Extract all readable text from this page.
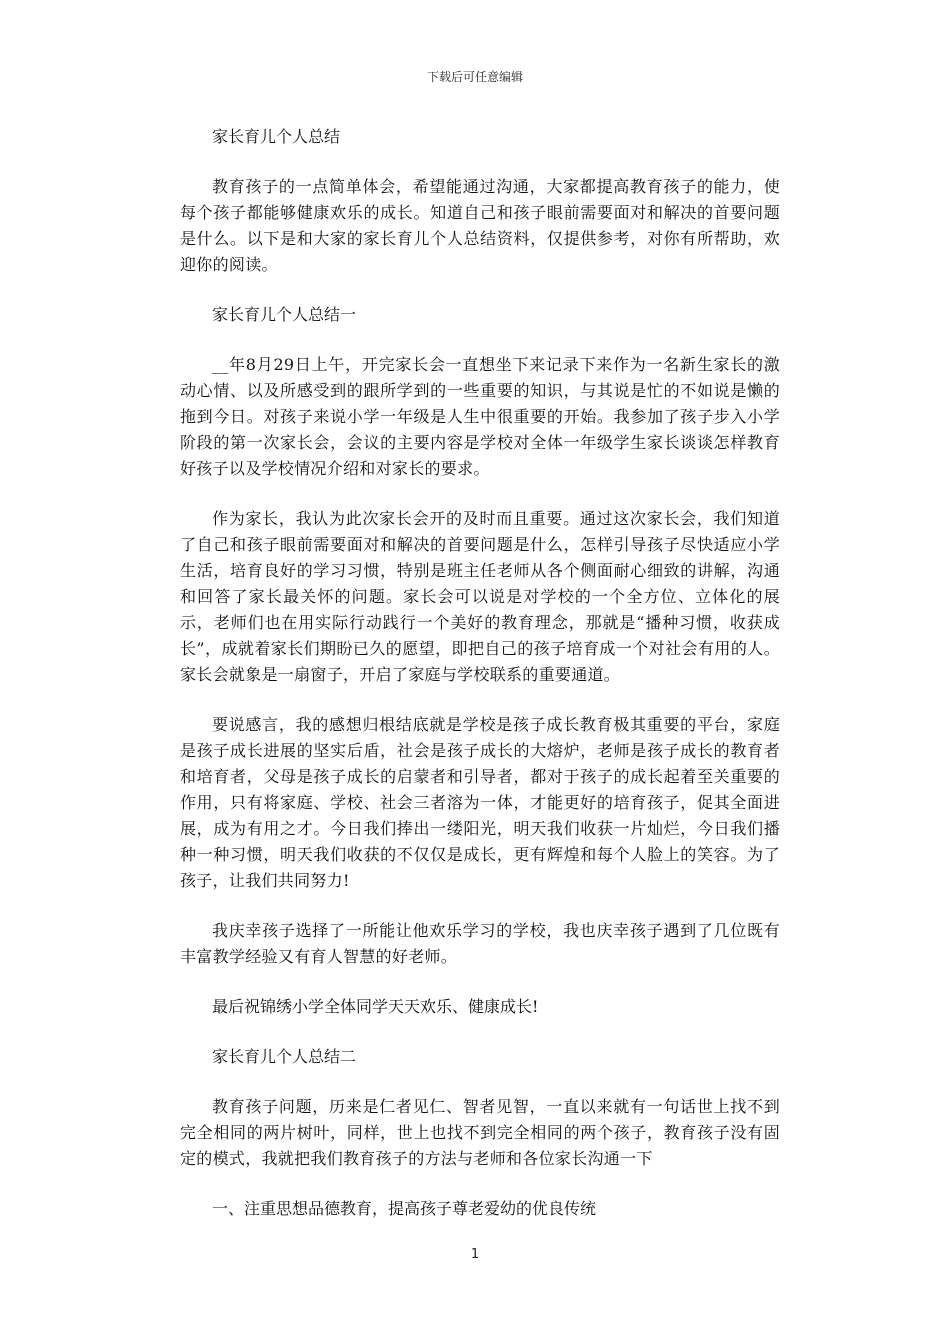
下载后可任意编辑

家长育儿个人总结

教育孩子的一点简单体会，希望能通过沟通，大家都提高教育孩子的能力，使每个孩子都能够健康欢乐的成长。知道自己和孩子眼前需要面对和解决的首要问题是什么。以下是和大家的家长育儿个人总结资料，仅提供参考，对你有所帮助，欢迎你的阅读。

家长育儿个人总结一

__年8月29日上午，开完家长会一直想坐下来记录下来作为一名新生家长的激动心情、以及所感受到的跟所学到的一些重要的知识，与其说是忙的不如说是懒的拖到今日。对孩子来说小学一年级是人生中很重要的开始。我参加了孩子步入小学阶段的第一次家长会，会议的主要内容是学校对全体一年级学生家长谈谈怎样教育好孩子以及学校情况介绍和对家长的要求。

作为家长，我认为此次家长会开的及时而且重要。通过这次家长会，我们知道了自己和孩子眼前需要面对和解决的首要问题是什么，怎样引导孩子尽快适应小学生活，培育良好的学习习惯，特别是班主任老师从各个侧面耐心细致的讲解，沟通和回答了家长最关怀的问题。家长会可以说是对学校的一个全方位、立体化的展示，老师们也在用实际行动践行一个美好的教育理念，那就是“播种习惯，收获成长”，成就着家长们期盼已久的愿望，即把自己的孩子培育成一个对社会有用的人。家长会就象是一扇窗子，开启了家庭与学校联系的重要通道。

要说感言，我的感想归根结底就是学校是孩子成长教育极其重要的平台，家庭是孩子成长进展的坚实后盾，社会是孩子成长的大熔炉，老师是孩子成长的教育者和培育者，父母是孩子成长的启蒙者和引导者，都对于孩子的成长起着至关重要的作用，只有将家庭、学校、社会三者溶为一体，才能更好的培育孩子，促其全面进展，成为有用之才。今日我们捧出一缕阳光，明天我们收获一片灿烂，今日我们播种一种习惯，明天我们收获的不仅仅是成长，更有辉煌和每个人脸上的笑容。为了孩子，让我们共同努力!

我庆幸孩子选择了一所能让他欢乐学习的学校，我也庆幸孩子遇到了几位既有丰富教学经验又有育人智慧的好老师。

最后祝锦绣小学全体同学天天欢乐、健康成长!

家长育儿个人总结二

教育孩子问题，历来是仁者见仁、智者见智，一直以来就有一句话世上找不到完全相同的两片树叶，同样，世上也找不到完全相同的两个孩子，教育孩子没有固定的模式，我就把我们教育孩子的方法与老师和各位家长沟通一下

一、注重思想品德教育，提高孩子尊老爱幼的优良传统

1
